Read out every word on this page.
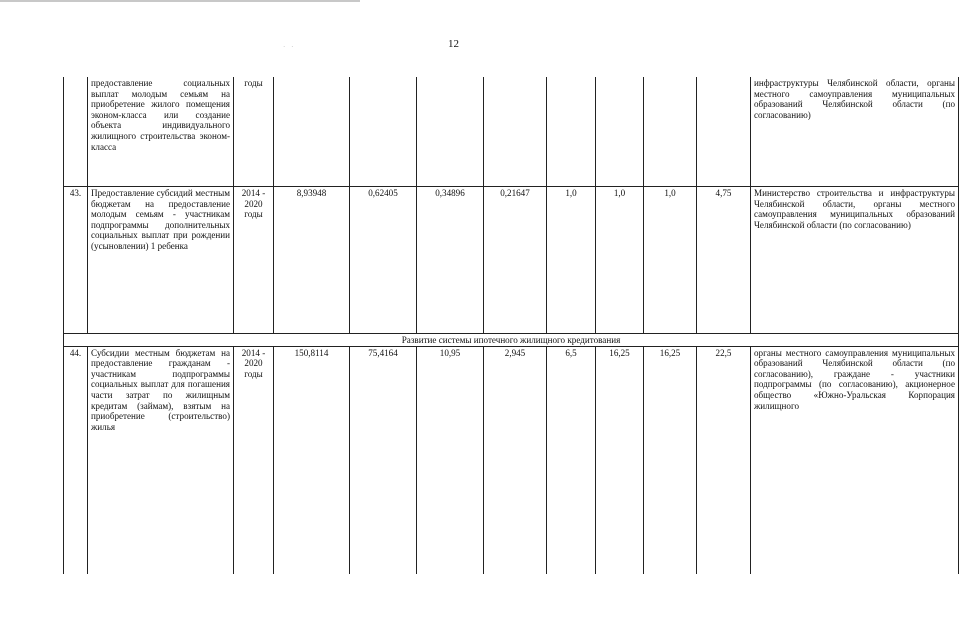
· ·	12
	предоставление социальных выплат молодым семьям на приобретение жилого помещения эконом-класса или создание объекта индивидуального жилищного строительства эконом-класса	годы									инфраструктуры Челябинской области, органы местного самоуправления муниципальных образований Челябинской области (по согласованию)
43.	Предоставление субсидий местным бюджетам на предоставление молодым семьям - участникам подпрограммы дополнительных социальных выплат при рождении (усыновлении) 1 ребенка	2014 - 2020 годы	8,93948	0,62405	0,34896	0,21647	1,0	1,0	1,0	4,75	Министерство строительства и инфраструктуры Челябинской области, органы местного самоуправления муниципальных образований Челябинской области (по согласованию)
Развитие системы ипотечного жилищного кредитования											
44.	Субсидии местным бюджетам на предоставление гражданам - участникам подпрограммы социальных выплат для погашения части затрат по жилищным кредитам (займам), взятым на приобретение (строительство) жилья	2014 - 2020 годы	150,8114	75,4164	10,95	2,945	6,5	16,25	16,25	22,5	органы местного самоуправления муниципальных образований Челябинской области (по согласованию), граждане - участники подпрограммы (по согласованию), акционерное общество «Южно-Уральская Корпорация жилищного
